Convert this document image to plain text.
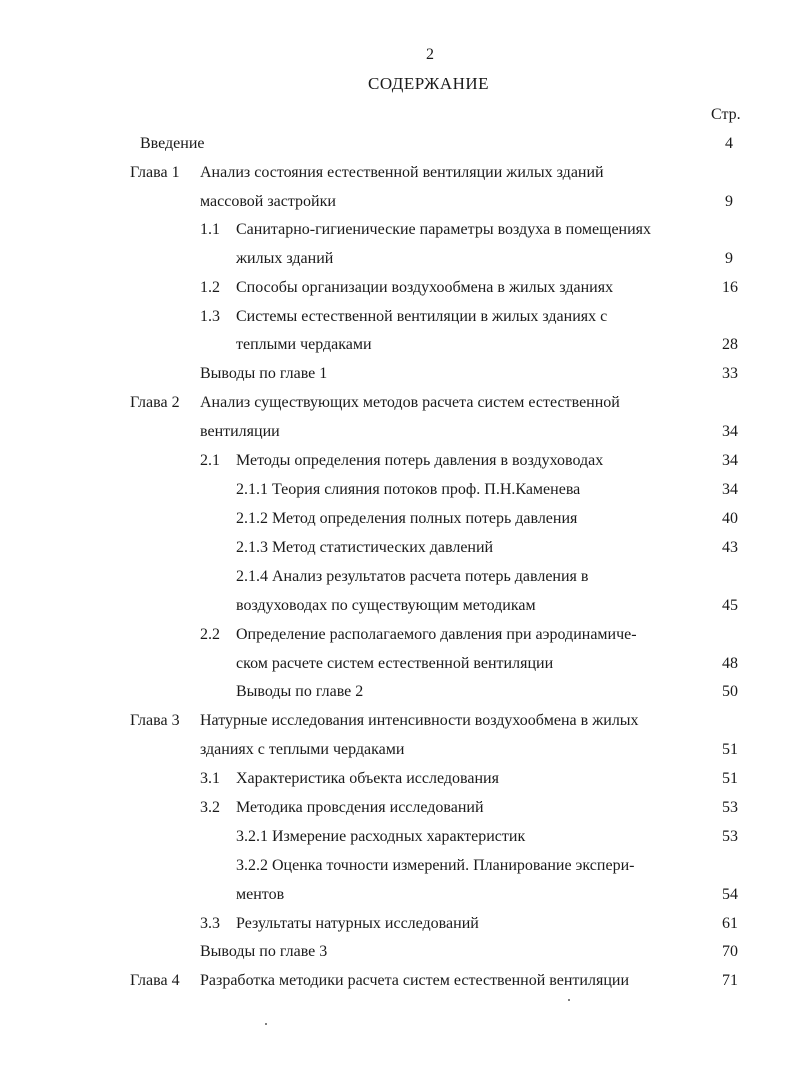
2
СОДЕРЖАНИЕ
Стр.
Введение	4
Глава 1 Анализ состояния естественной вентиляции жилых зданий
массовой застройки	9
1.1 Санитарно-гигиенические параметры воздуха в помещениях
жилых зданий	9
1.2 Способы организации воздухообмена в жилых зданиях	16
1.3 Системы естественной вентиляции в жилых зданиях с
теплыми чердаками	28
Выводы по главе 1	33
Глава 2 Анализ существующих методов расчета систем естественной
вентиляции	34
2.1 Методы определения потерь давления в воздуховодах	34
2.1.1 Теория слияния потоков проф. П.Н.Каменева	34
2.1.2 Метод определения полных потерь давления	40
2.1.3 Метод статистических давлений	43
2.1.4 Анализ результатов расчета потерь давления в
воздуховодах по существующим методикам	45
2.2 Определение располагаемого давления при аэродинамиче-
ском расчете систем естественной вентиляции	48
Выводы по главе 2	50
Глава 3 Натурные исследования интенсивности воздухообмена в жилых
зданиях с теплыми чердаками	51
3.1 Характеристика объекта исследования	51
3.2 Методика провсдения исследований	53
3.2.1 Измерение расходных характеристик	53
3.2.2 Оценка точности измерений. Планирование экспери-
ментов	54
3.3 Результаты натурных исследований	61
Выводы по главе 3	70
Глава 4 Разработка методики расчета систем естественной вентиляции	71
